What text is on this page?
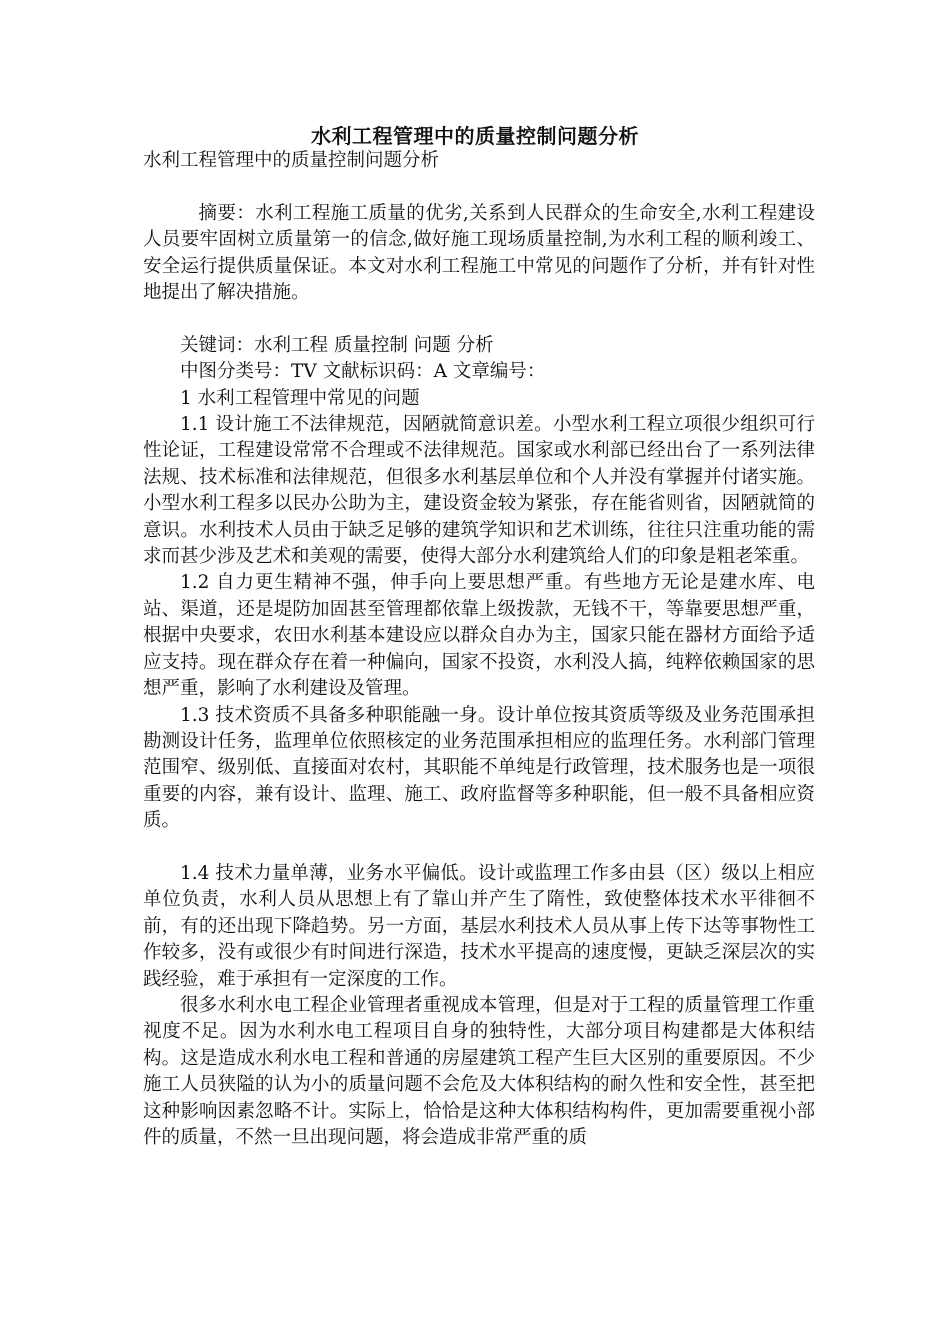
水利工程管理中的质量控制问题分析

水利工程管理中的质量控制问题分析

摘要：水利工程施工质量的优劣,关系到人民群众的生命安全,水利工程建设人员要牢固树立质量第一的信念,做好施工现场质量控制,为水利工程的顺利竣工、安全运行提供质量保证。本文对水利工程施工中常见的问题作了分析，并有针对性地提出了解决措施。

关键词：水利工程 质量控制 问题 分析

中图分类号：TV 文献标识码：A 文章编号：

1 水利工程管理中常见的问题

1.1 设计施工不法律规范，因陋就简意识差。小型水利工程立项很少组织可行性论证，工程建设常常不合理或不法律规范。国家或水利部已经出台了一系列法律法规、技术标准和法律规范，但很多水利基层单位和个人并没有掌握并付诸实施。小型水利工程多以民办公助为主，建设资金较为紧张，存在能省则省，因陋就简的意识。水利技术人员由于缺乏足够的建筑学知识和艺术训练，往往只注重功能的需求而甚少涉及艺术和美观的需要，使得大部分水利建筑给人们的印象是粗老笨重。

1.2 自力更生精神不强，伸手向上要思想严重。有些地方无论是建水库、电站、渠道，还是堤防加固甚至管理都依靠上级拨款，无钱不干，等靠要思想严重，根据中央要求，农田水利基本建设应以群众自办为主，国家只能在器材方面给予适应支持。现在群众存在着一种偏向，国家不投资，水利没人搞，纯粹依赖国家的思想严重，影响了水利建设及管理。

1.3 技术资质不具备多种职能融一身。设计单位按其资质等级及业务范围承担勘测设计任务，监理单位依照核定的业务范围承担相应的监理任务。水利部门管理范围窄、级别低、直接面对农村，其职能不单纯是行政管理，技术服务也是一项很重要的内容，兼有设计、监理、施工、政府监督等多种职能，但一般不具备相应资质。

1.4 技术力量单薄，业务水平偏低。设计或监理工作多由县（区）级以上相应单位负责，水利人员从思想上有了靠山并产生了隋性，致使整体技术水平徘徊不前，有的还出现下降趋势。另一方面，基层水利技术人员从事上传下达等事物性工作较多，没有或很少有时间进行深造，技术水平提高的速度慢，更缺乏深层次的实践经验，难于承担有一定深度的工作。

很多水利水电工程企业管理者重视成本管理，但是对于工程的质量管理工作重视度不足。因为水利水电工程项目自身的独特性，大部分项目构建都是大体积结构。这是造成水利水电工程和普通的房屋建筑工程产生巨大区别的重要原因。不少施工人员狭隘的认为小的质量问题不会危及大体积结构的耐久性和安全性，甚至把这种影响因素忽略不计。实际上，恰恰是这种大体积结构构件，更加需要重视小部件的质量，不然一旦出现问题，将会造成非常严重的质
